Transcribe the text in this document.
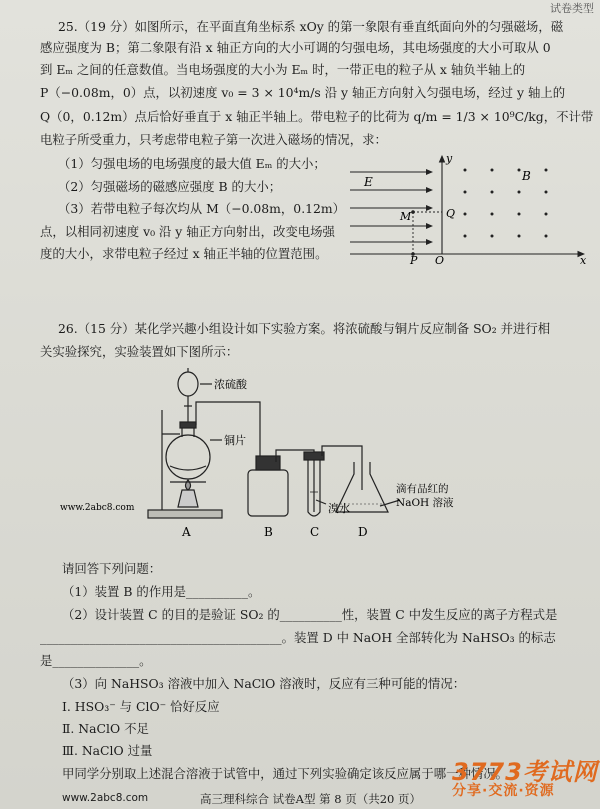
试卷类型
25.（19 分）如图所示，在平面直角坐标系 xOy 的第一象限有垂直纸面向外的匀强磁场，磁
感应强度为 B；第二象限有沿 x 轴正方向的大小可调的匀强电场，其电场强度的大小可取从 0
到 Eₘ 之间的任意数值。当电场强度的大小为 Eₘ 时，一带正电的粒子从 x 轴负半轴上的
P（−0.08m，0）点，以初速度 v₀ = 3 × 10⁴m/s 沿 y 轴正方向射入匀强电场，经过 y 轴上的
Q（0，0.12m）点后恰好垂直于 x 轴正半轴上。带电粒子的比荷为 q/m = 1/3 × 10⁹C/kg，不计带
电粒子所受重力，只考虑带电粒子第一次进入磁场的情况，求：
（1）匀强电场的电场强度的最大值 Eₘ 的大小；
（2）匀强磁场的磁感应强度 B 的大小；
（3）若带电粒子每次均从 M（−0.08m，0.12m）
点，以相同初速度 v₀ 沿 y 轴正方向射出，改变电场强
度的大小，求带电粒子经过 x 轴正半轴的位置范围。
E	B
M	Q
P O	x
y
26.（15 分）某化学兴趣小组设计如下实验方案。将浓硫酸与铜片反应制备 SO₂ 并进行相
关实验探究，实验装置如下图所示：
浓硫酸
铜片
溴水
滴有品红的
NaOH 溶液
A	B	C	D
www.2abc8.com
请回答下列问题：
（1）装置 B 的作用是__________。
（2）设计装置 C 的目的是验证 SO₂ 的__________性，装置 C 中发生反应的离子方程式是
_______________________________________。装置 D 中 NaOH 全部转化为 NaHSO₃ 的标志
是______________。
（3）向 NaHSO₃ 溶液中加入 NaClO 溶液时，反应有三种可能的情况：
Ⅰ. HSO₃⁻ 与 ClO⁻ 恰好反应
Ⅱ. NaClO 不足
Ⅲ. NaClO 过量
甲同学分别取上述混合溶液于试管中，通过下列实验确定该反应属于哪一种情况。
www.2abc8.com	高三理科综合 试卷A型 第 8 页（共20 页）
3773考试网
分享·交流·资源
